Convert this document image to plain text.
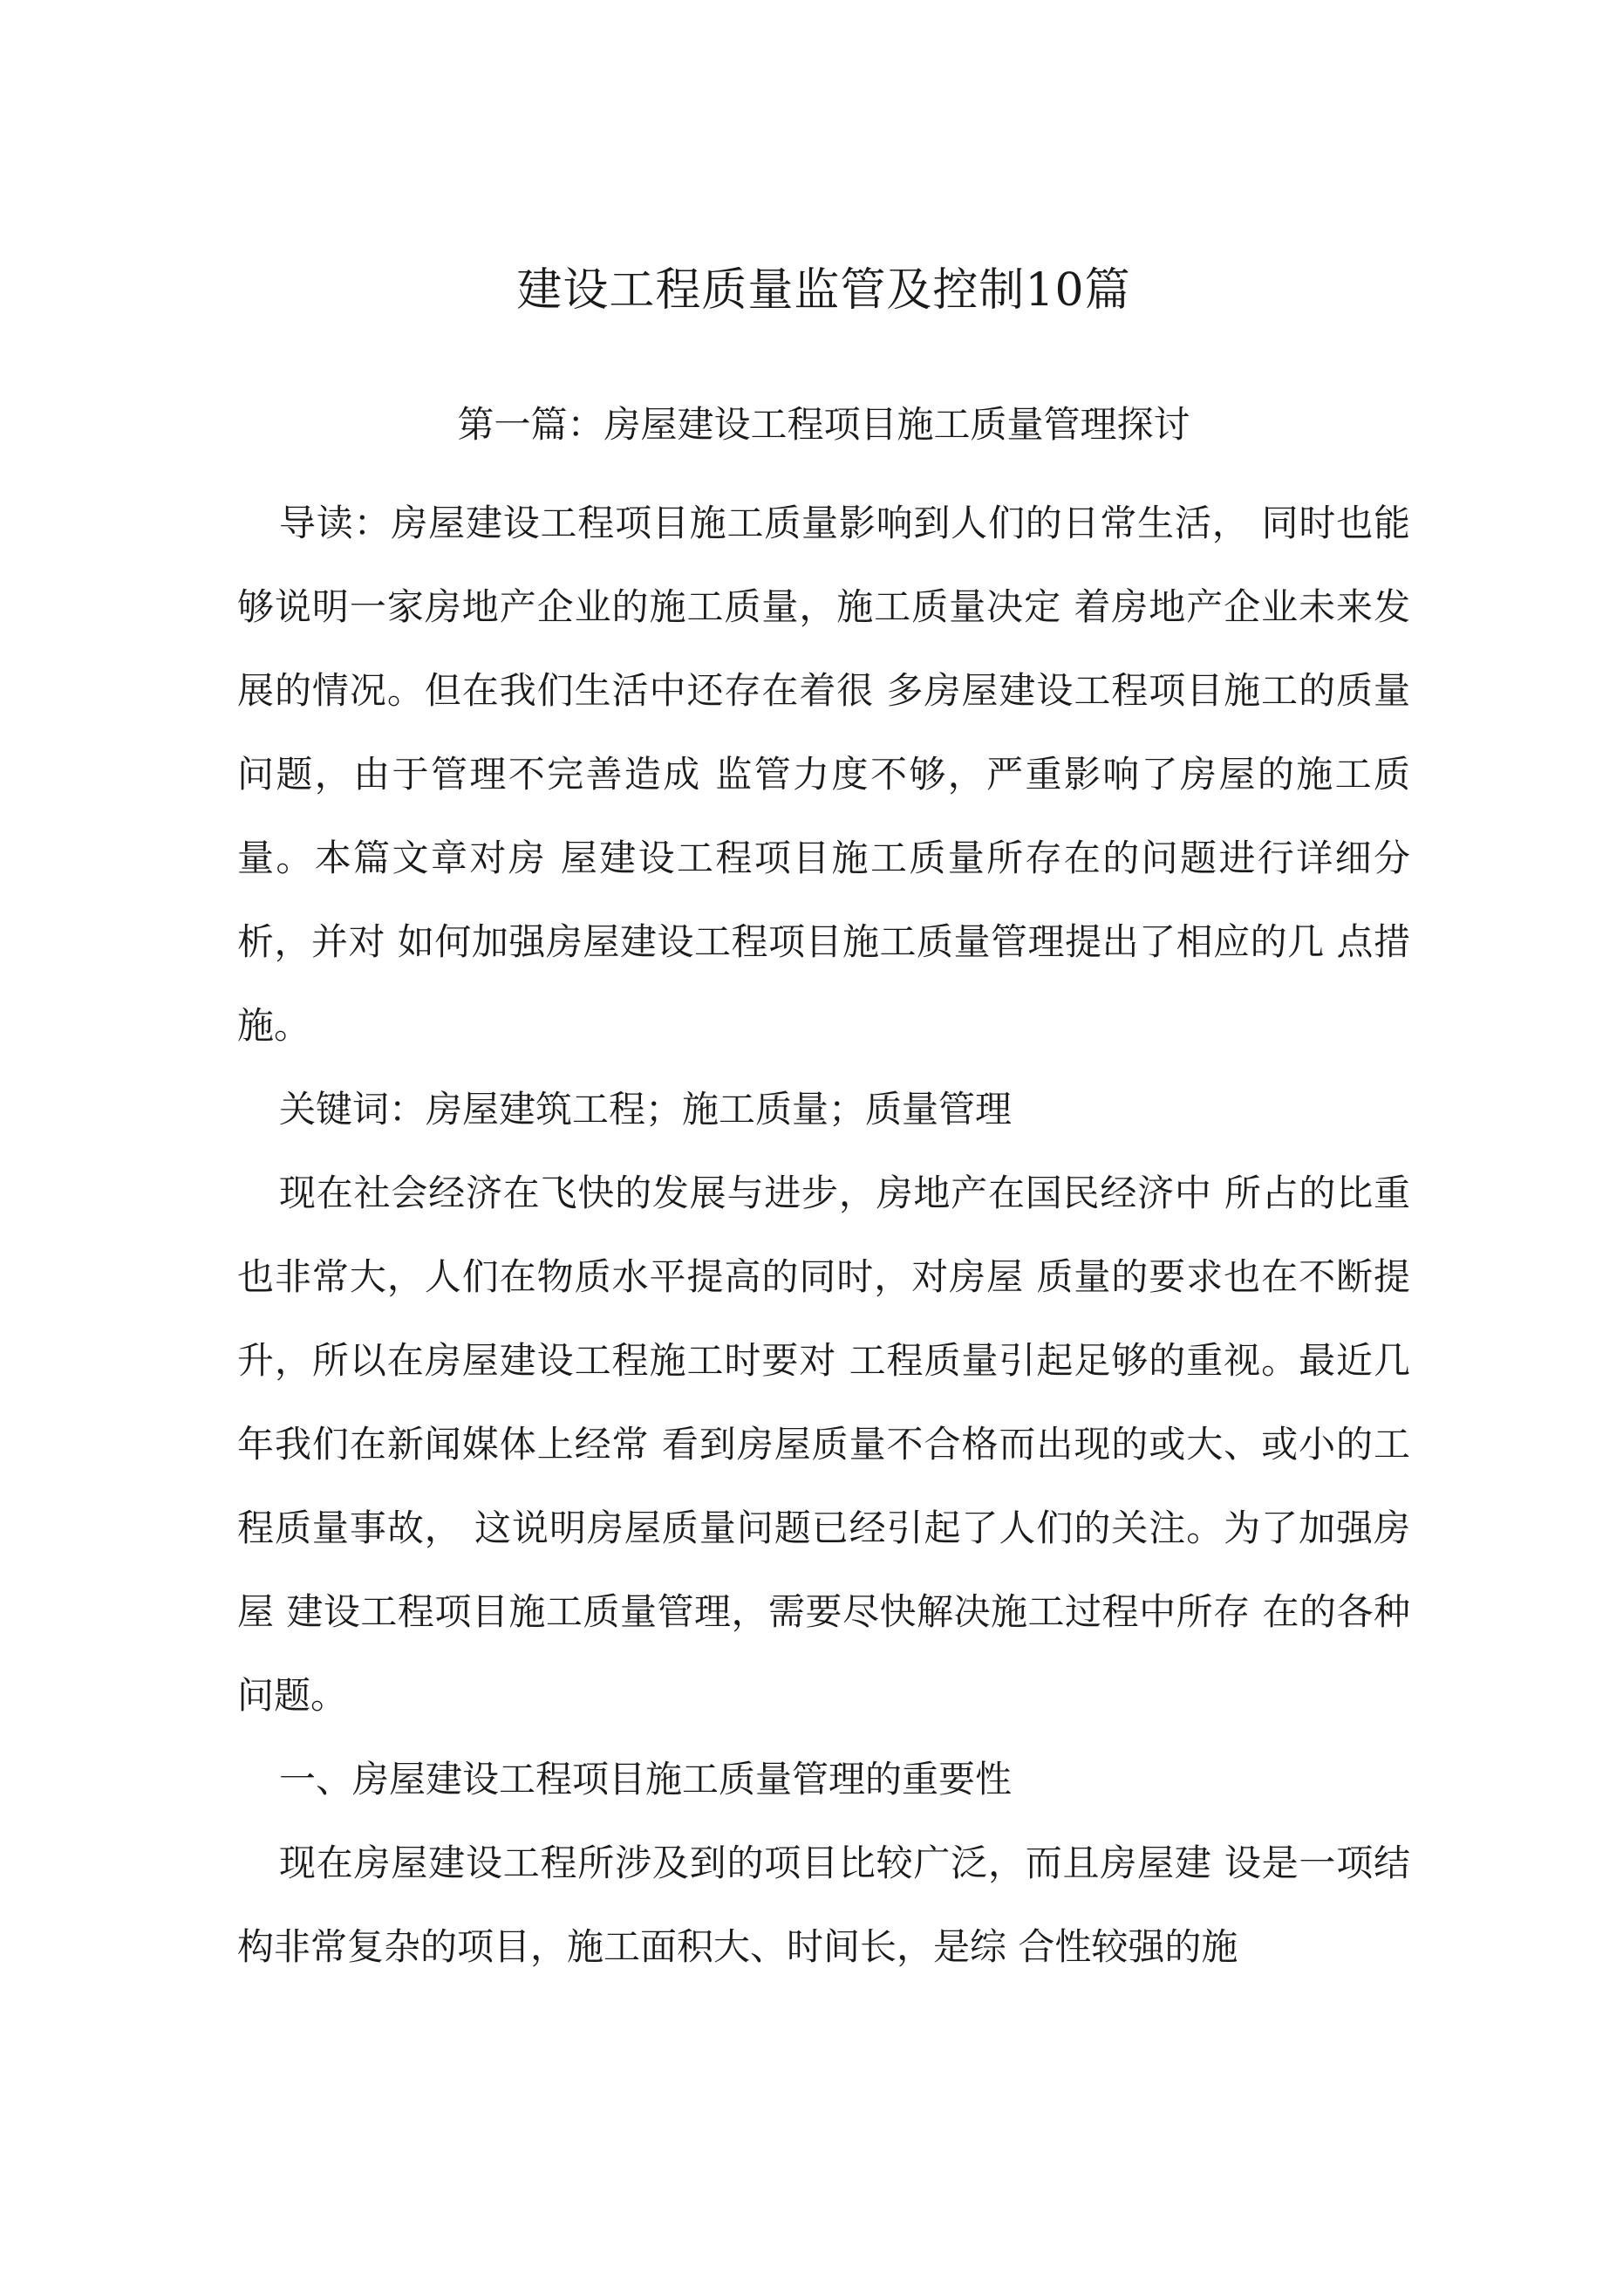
建设工程质量监管及控制10篇
第一篇：房屋建设工程项目施工质量管理探讨

导读：房屋建设工程项目施工质量影响到人们的日常生活， 同时也能够说明一家房地产企业的施工质量，施工质量决定 着房地产企业未来发展的情况。但在我们生活中还存在着很 多房屋建设工程项目施工的质量问题，由于管理不完善造成 监管力度不够，严重影响了房屋的施工质量。本篇文章对房 屋建设工程项目施工质量所存在的问题进行详细分析，并对 如何加强房屋建设工程项目施工质量管理提出了相应的几 点措施。

关键词：房屋建筑工程；施工质量；质量管理

现在社会经济在飞快的发展与进步，房地产在国民经济中 所占的比重也非常大，人们在物质水平提高的同时，对房屋 质量的要求也在不断提升，所以在房屋建设工程施工时要对 工程质量引起足够的重视。最近几年我们在新闻媒体上经常 看到房屋质量不合格而出现的或大、或小的工程质量事故， 这说明房屋质量问题已经引起了人们的关注。为了加强房屋 建设工程项目施工质量管理，需要尽快解决施工过程中所存 在的各种问题。

一、房屋建设工程项目施工质量管理的重要性

现在房屋建设工程所涉及到的项目比较广泛，而且房屋建 设是一项结构非常复杂的项目，施工面积大、时间长，是综 合性较强的施
